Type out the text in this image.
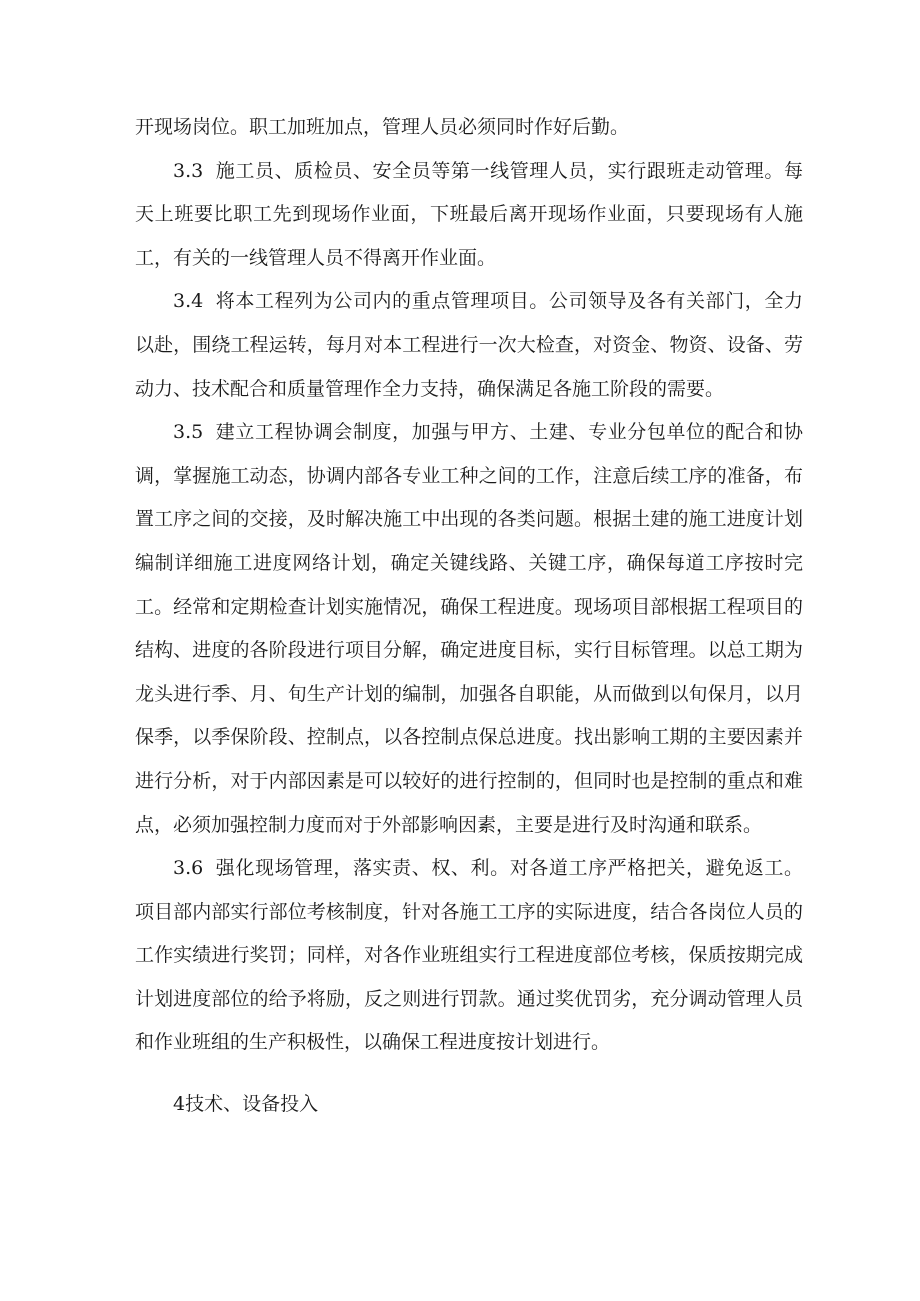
开现场岗位。职工加班加点，管理人员必须同时作好后勤。

3.3 施工员、质检员、安全员等第一线管理人员，实行跟班走动管理。每天上班要比职工先到现场作业面，下班最后离开现场作业面，只要现场有人施工，有关的一线管理人员不得离开作业面。

3.4 将本工程列为公司内的重点管理项目。公司领导及各有关部门，全力以赴，围绕工程运转，每月对本工程进行一次大检查，对资金、物资、设备、劳动力、技术配合和质量管理作全力支持，确保满足各施工阶段的需要。

3.5 建立工程协调会制度，加强与甲方、土建、专业分包单位的配合和协调，掌握施工动态，协调内部各专业工种之间的工作，注意后续工序的准备，布置工序之间的交接，及时解决施工中出现的各类问题。根据土建的施工进度计划编制详细施工进度网络计划，确定关键线路、关键工序，确保每道工序按时完工。经常和定期检查计划实施情况，确保工程进度。现场项目部根据工程项目的结构、进度的各阶段进行项目分解，确定进度目标，实行目标管理。以总工期为龙头进行季、月、旬生产计划的编制，加强各自职能，从而做到以旬保月，以月保季，以季保阶段、控制点，以各控制点保总进度。找出影响工期的主要因素并进行分析，对于内部因素是可以较好的进行控制的，但同时也是控制的重点和难点，必须加强控制力度而对于外部影响因素，主要是进行及时沟通和联系。

3.6 强化现场管理，落实责、权、利。对各道工序严格把关，避免返工。项目部内部实行部位考核制度，针对各施工工序的实际进度，结合各岗位人员的工作实绩进行奖罚；同样，对各作业班组实行工程进度部位考核，保质按期完成计划进度部位的给予将励，反之则进行罚款。通过奖优罚劣，充分调动管理人员和作业班组的生产积极性，以确保工程进度按计划进行。

4技术、设备投入
